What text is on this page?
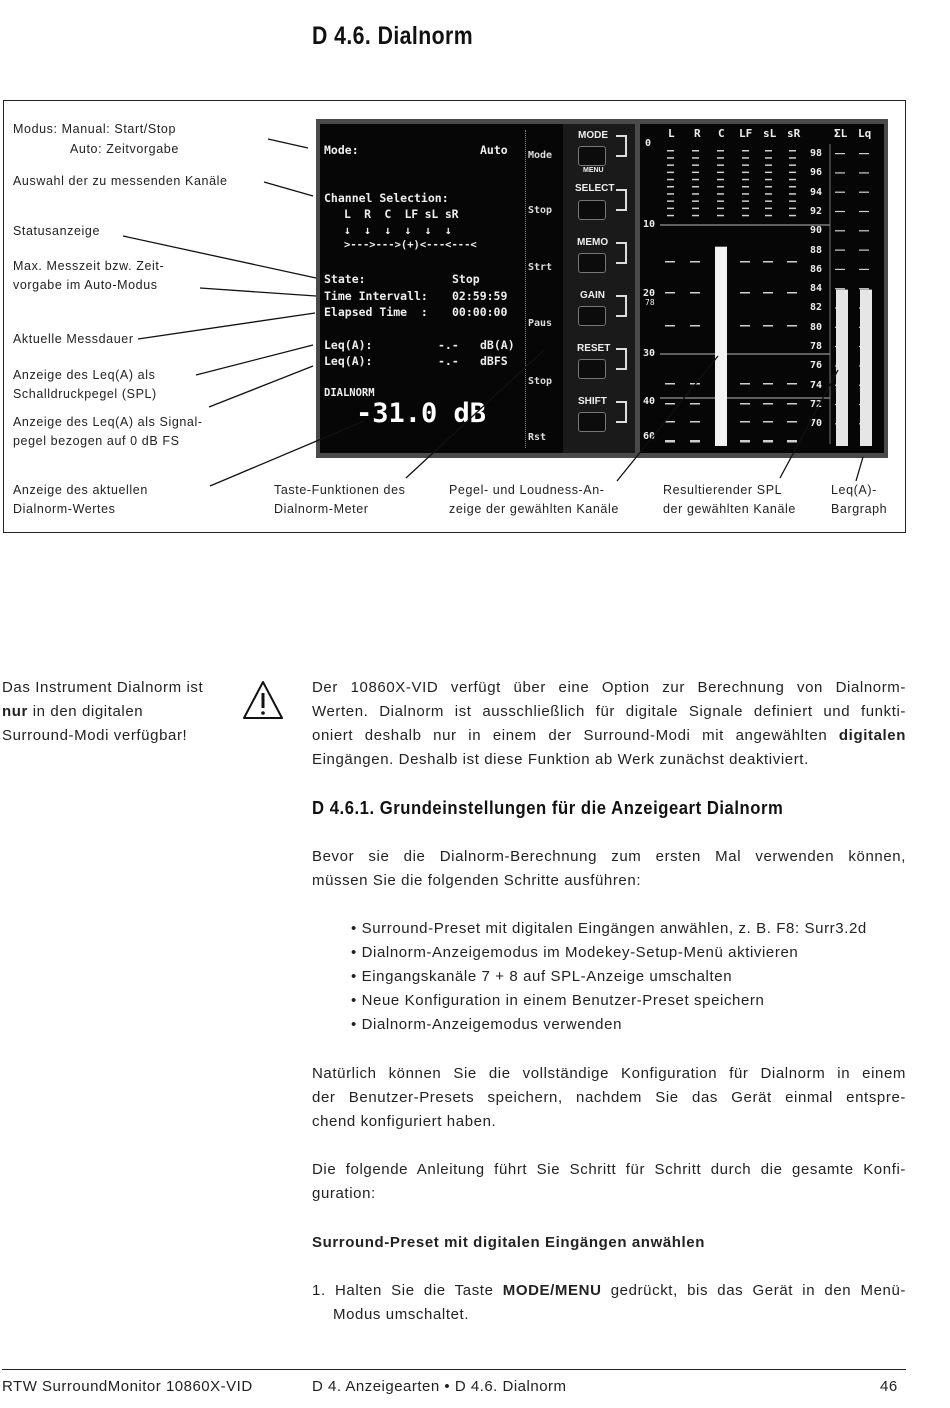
D 4.6. Dialnorm
Modus: Manual: Start/Stop
Auto: Zeitvorgabe
Auswahl der zu messenden Kanäle
Statusanzeige
Max. Messzeit bzw. Zeit-
vorgabe im Auto-Modus
Aktuelle Messdauer
Anzeige des Leq(A) als
Schalldruckpegel (SPL)
Anzeige des Leq(A) als Signal-
pegel bezogen auf 0 dB FS
Anzeige des aktuellen
Dialnorm-Wertes
Taste-Funktionen des
Dialnorm-Meter
Pegel- und Loudness-An-
zeige der gewählten Kanäle
Resultierender SPL
der gewählten Kanäle
Leq(A)-
Bargraph
Mode:	Auto
Channel Selection:
L  R  C  LF sL sR
↓  ↓  ↓  ↓  ↓  ↓
>--->--->(+)<---<---<
State:	Stop
Time Intervall: 02:59:59
Elapsed Time  : 00:00:00
Leq(A):	-.- dB(A)
Leq(A):	-.- dBFS
DIALNORM
-31.0 dB
Mode
Stop
Strt
Paus
Stop
Rst
MODE
MENU
SELECT
MEMO
GAIN
RESET
SHIFT
L R C LF sL sR	ΣL Lq
0
10
20
78
30
40
60
98
96
94
92
90
88
86
84
82
80
78
76
74
72
70
Das Instrument Dialnorm ist
nur in den digitalen
Surround-Modi verfügbar!
Der 10860X-VID verfügt über eine Option zur Berechnung von Dialnorm-
Werten. Dialnorm ist ausschließlich für digitale Signale definiert und funkti-
oniert deshalb nur in einem der Surround-Modi mit angewählten digitalen
Eingängen. Deshalb ist diese Funktion ab Werk zunächst deaktiviert.
D 4.6.1. Grundeinstellungen für die Anzeigeart Dialnorm
Bevor sie die Dialnorm-Berechnung zum ersten Mal verwenden können,
müssen Sie die folgenden Schritte ausführen:
• Surround-Preset mit digitalen Eingängen anwählen, z. B. F8: Surr3.2d
• Dialnorm-Anzeigemodus im Modekey-Setup-Menü aktivieren
• Eingangskanäle 7 + 8 auf SPL-Anzeige umschalten
• Neue Konfiguration in einem Benutzer-Preset speichern
• Dialnorm-Anzeigemodus verwenden
Natürlich können Sie die vollständige Konfiguration für Dialnorm in einem
der Benutzer-Presets speichern, nachdem Sie das Gerät einmal entspre-
chend konfiguriert haben.
Die folgende Anleitung führt Sie Schritt für Schritt durch die gesamte Konfi-
guration:
Surround-Preset mit digitalen Eingängen anwählen
1. Halten Sie die Taste MODE/MENU gedrückt, bis das Gerät in den Menü-
Modus umschaltet.
RTW SurroundMonitor 10860X-VID	D 4. Anzeigearten • D 4.6. Dialnorm	46
